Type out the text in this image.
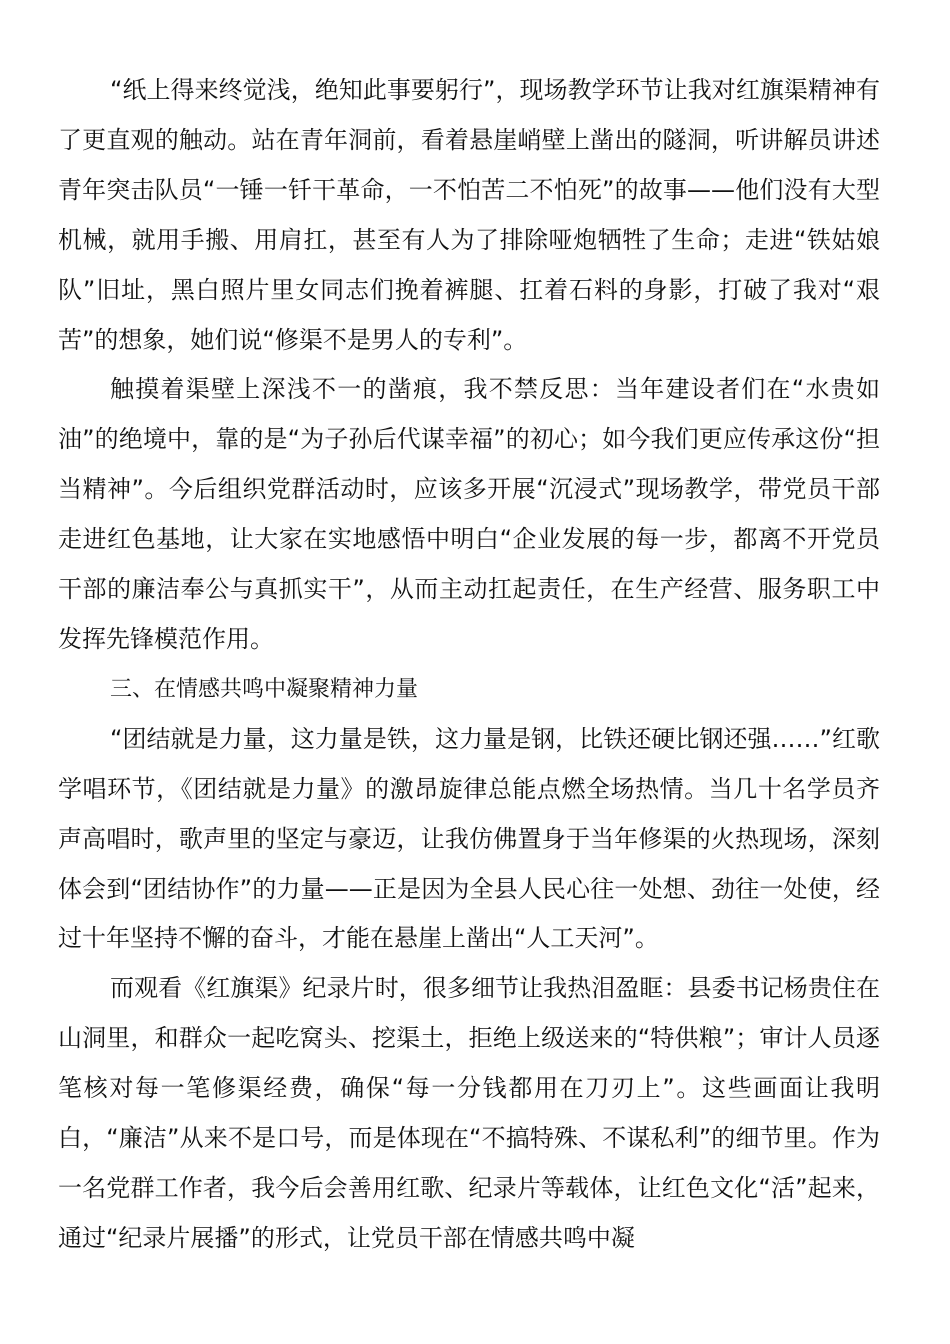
“纸上得来终觉浅，绝知此事要躬行”，现场教学环节让我对红旗渠精神有了更直观的触动。站在青年洞前，看着悬崖峭壁上凿出的隧洞，听讲解员讲述青年突击队员“一锤一钎干革命，一不怕苦二不怕死”的故事——他们没有大型机械，就用手搬、用肩扛，甚至有人为了排除哑炮牺牲了生命；走进“铁姑娘队”旧址，黑白照片里女同志们挽着裤腿、扛着石料的身影，打破了我对“艰苦”的想象，她们说“修渠不是男人的专利”。

触摸着渠壁上深浅不一的凿痕，我不禁反思：当年建设者们在“水贵如油”的绝境中，靠的是“为子孙后代谋幸福”的初心；如今我们更应传承这份“担当精神”。今后组织党群活动时，应该多开展“沉浸式”现场教学，带党员干部走进红色基地，让大家在实地感悟中明白“企业发展的每一步，都离不开党员干部的廉洁奉公与真抓实干”，从而主动扛起责任，在生产经营、服务职工中发挥先锋模范作用。

三、在情感共鸣中凝聚精神力量

“团结就是力量，这力量是铁，这力量是钢，比铁还硬比钢还强……”红歌学唱环节，《团结就是力量》的激昂旋律总能点燃全场热情。当几十名学员齐声高唱时，歌声里的坚定与豪迈，让我仿佛置身于当年修渠的火热现场，深刻体会到“团结协作”的力量——正是因为全县人民心往一处想、劲往一处使，经过十年坚持不懈的奋斗，才能在悬崖上凿出“人工天河”。

而观看《红旗渠》纪录片时，很多细节让我热泪盈眶：县委书记杨贵住在山洞里，和群众一起吃窝头、挖渠土，拒绝上级送来的“特供粮”；审计人员逐笔核对每一笔修渠经费，确保“每一分钱都用在刀刃上”。这些画面让我明白，“廉洁”从来不是口号，而是体现在“不搞特殊、不谋私利”的细节里。作为一名党群工作者，我今后会善用红歌、纪录片等载体，让红色文化“活”起来，通过“纪录片展播”的形式，让党员干部在情感共鸣中凝
